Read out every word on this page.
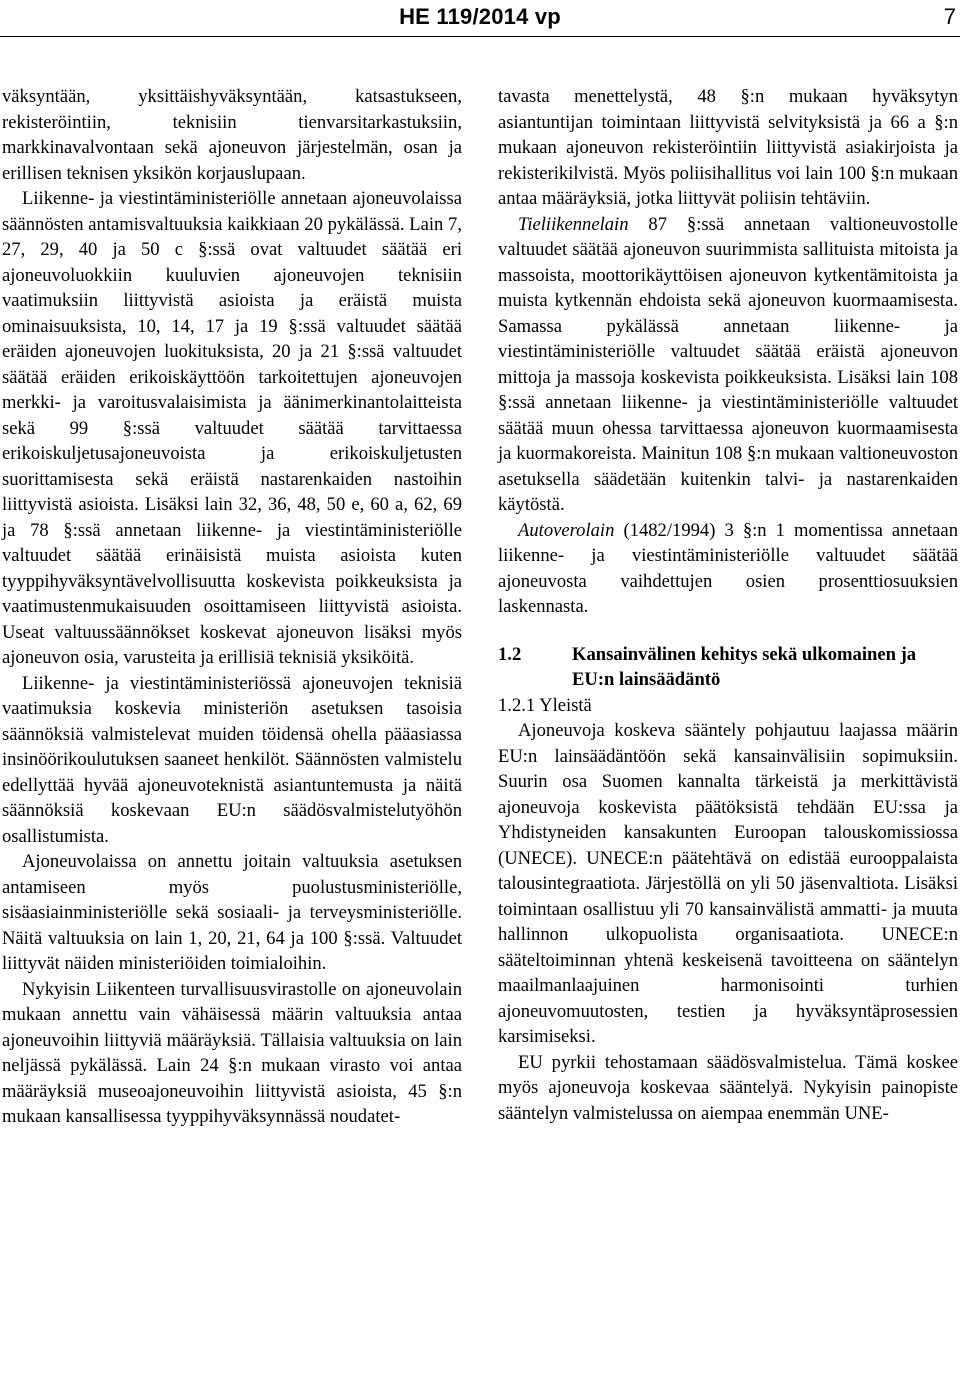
HE 119/2014 vp	7

väksyntään, yksittäishyväksyntään, katsastukseen, rekisteröintiin, teknisiin tienvarsitarkastuksiin, markkinavalvontaan sekä ajoneuvon järjestelmän, osan ja erillisen teknisen yksikön korjauslupaan.

Liikenne- ja viestintäministeriölle annetaan ajoneuvolaissa säännösten antamisvaltuuksia kaikkiaan 20 pykälässä. Lain 7, 27, 29, 40 ja 50 c §:ssä ovat valtuudet säätää eri ajoneuvoluokkiin kuuluvien ajoneuvojen teknisiin vaatimuksiin liittyvistä asioista ja eräistä muista ominaisuuksista, 10, 14, 17 ja 19 §:ssä valtuudet säätää eräiden ajoneuvojen luokituksista, 20 ja 21 §:ssä valtuudet säätää eräiden erikoiskäyttöön tarkoitettujen ajoneuvojen merkki- ja varoitusvalaisimista ja äänimerkinantolaitteista sekä 99 §:ssä valtuudet säätää tarvittaessa erikoiskuljetusajoneuvoista ja erikoiskuljetusten suorittamisesta sekä eräistä nastarenkaiden nastoihin liittyvistä asioista. Lisäksi lain 32, 36, 48, 50 e, 60 a, 62, 69 ja 78 §:ssä annetaan liikenne- ja viestintäministeriölle valtuudet säätää erinäisistä muista asioista kuten tyyppihyväksyntävelvollisuutta koskevista poikkeuksista ja vaatimustenmukaisuuden osoittamiseen liittyvistä asioista. Useat valtuussäännökset koskevat ajoneuvon lisäksi myös ajoneuvon osia, varusteita ja erillisiä teknisiä yksiköitä.

Liikenne- ja viestintäministeriössä ajoneuvojen teknisiä vaatimuksia koskevia ministeriön asetuksen tasoisia säännöksiä valmistelevat muiden töidensä ohella pääasiassa insinöörikoulutuksen saaneet henkilöt. Säännösten valmistelu edellyttää hyvää ajoneuvoteknistä asiantuntemusta ja näitä säännöksiä koskevaan EU:n säädösvalmistelutyöhön osallistumista.

Ajoneuvolaissa on annettu joitain valtuuksia asetuksen antamiseen myös puolustusministeriölle, sisäasiainministeriölle sekä sosiaali- ja terveysministeriölle. Näitä valtuuksia on lain 1, 20, 21, 64 ja 100 §:ssä. Valtuudet liittyvät näiden ministeriöiden toimialoihin.

Nykyisin Liikenteen turvallisuusvirastolle on ajoneuvolain mukaan annettu vain vähäisessä määrin valtuuksia antaa ajoneuvoihin liittyviä määräyksiä. Tällaisia valtuuksia on lain neljässä pykälässä. Lain 24 §:n mukaan virasto voi antaa määräyksiä museoajoneuvoihin liittyvistä asioista, 45 §:n mukaan kansallisessa tyyppihyväksynnässä noudatet-

tavasta menettelystä, 48 §:n mukaan hyväksytyn asiantuntijan toimintaan liittyvistä selvityksistä ja 66 a §:n mukaan ajoneuvon rekisteröintiin liittyvistä asiakirjoista ja rekisterikilvistä. Myös poliisihallitus voi lain 100 §:n mukaan antaa määräyksiä, jotka liittyvät poliisin tehtäviin.

Tieliikennelain 87 §:ssä annetaan valtioneuvostolle valtuudet säätää ajoneuvon suurimmista sallituista mitoista ja massoista, moottorikäyttöisen ajoneuvon kytkentämitoista ja muista kytkennän ehdoista sekä ajoneuvon kuormaamisesta. Samassa pykälässä annetaan liikenne- ja viestintäministeriölle valtuudet säätää eräistä ajoneuvon mittoja ja massoja koskevista poikkeuksista. Lisäksi lain 108 §:ssä annetaan liikenne- ja viestintäministeriölle valtuudet säätää muun ohessa tarvittaessa ajoneuvon kuormaamisesta ja kuormakoreista. Mainitun 108 §:n mukaan valtioneuvoston asetuksella säädetään kuitenkin talvi- ja nastarenkaiden käytöstä.

Autoverolain (1482/1994) 3 §:n 1 momentissa annetaan liikenne- ja viestintäministeriölle valtuudet säätää ajoneuvosta vaihdettujen osien prosenttiosuuksien laskennasta.

1.2	Kansainvälinen kehitys sekä ulkomainen ja EU:n lainsäädäntö

1.2.1 Yleistä

Ajoneuvoja koskeva sääntely pohjautuu laajassa määrin EU:n lainsäädäntöön sekä kansainvälisiin sopimuksiin. Suurin osa Suomen kannalta tärkeistä ja merkittävistä ajoneuvoja koskevista päätöksistä tehdään EU:ssa ja Yhdistyneiden kansakunten Euroopan talouskomissiossa (UNECE). UNECE:n päätehtävä on edistää eurooppalaista talousintegraatiota. Järjestöllä on yli 50 jäsenvaltiota. Lisäksi toimintaan osallistuu yli 70 kansainvälistä ammatti- ja muuta hallinnon ulkopuolista organisaatiota. UNECE:n sääteltoiminnan yhtenä keskeisenä tavoitteena on sääntelyn maailmanlaajuinen harmonisointi turhien ajoneuvomuutosten, testien ja hyväksyntäprosessien karsimiseksi.

EU pyrkii tehostamaan säädösvalmistelua. Tämä koskee myös ajoneuvoja koskevaa sääntelyä. Nykyisin painopiste sääntelyn valmistelussa on aiempaa enemmän UNE-
